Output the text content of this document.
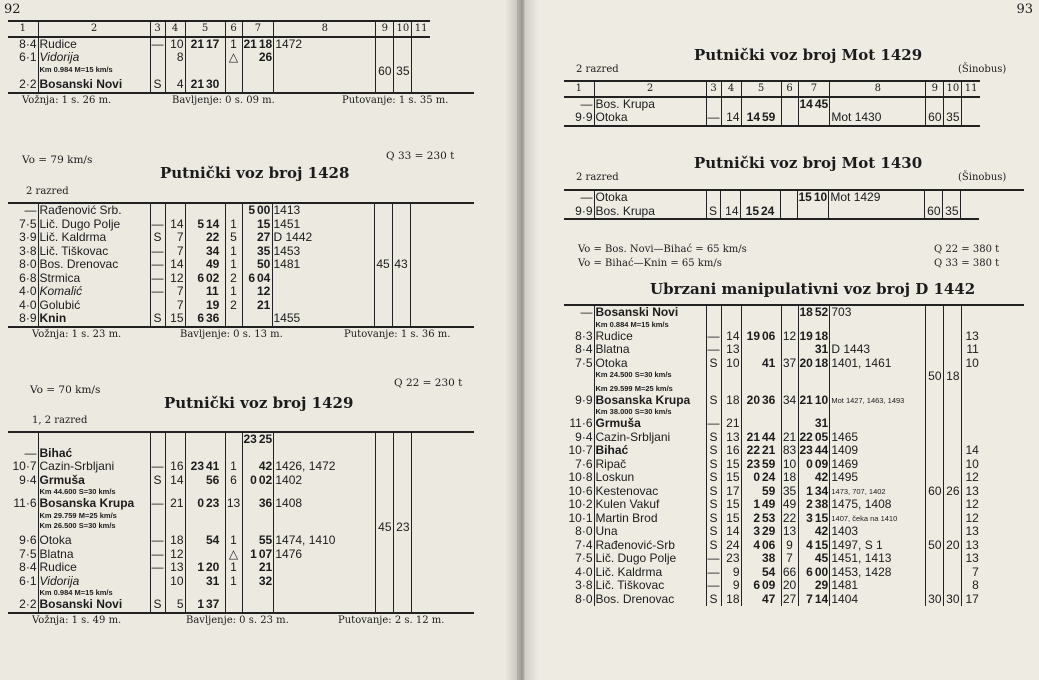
92
1	2	3	4	5		6	7		8	9	10	11
8·4	Rudice	—	10	21	17	1	21	18	1472			
6·1	Vidorija		8			△		26				
	Km 0.984 M=15 km/s									60	35	
2·2	Bosanski Novi	S	4	21	30							
Vožnja: 1 s. 26 m.	Bavljenje: 0 s. 09 m.	Putovanje: 1 s. 35 m.
Vo = 79 km/s	Q 33 = 230 t
Putnički voz broj 1428
2 razred
—	Rađenović Srb.						5	00	1413			
7·5	Lič. Dugo Polje	—	14	5	14	1		15	1451			
3·9	Lič. Kaldrma	S	7		22	5		27	D 1442			
3·8	Lič. Tiškovac	—	7		34	1		35	1453			
8·0	Bos. Drenovac	—	14		49	1		50	1481	45	43	
6·8	Strmica	—	12	6	02	2	6	04				
4·0	Komalić	—	7		11	1		12				
4·0	Golubić		7		19	2		21				
8·9	Knin	S	15	6	36				1455			
Vožnja: 1 s. 23 m.	Bavljenje: 0 s. 13 m.	Putovanje: 1 s. 36 m.
Vo = 70 km/s
Q 22 = 230 t
Putnički voz broj 1429
1, 2 razred
							23	25				
—	Bihać											
10·7	Cazin-Srbljani	—	16	23	41	1		42	1426, 1472			
9·4	Grmuša	S	14		56	6	0	02	1402			
	Km 44.600 S=30 km/s											
11·6	Bosanska Krupa	—	21	0	23	13		36	1408			
	Km 29.759 M=25 km/s											
	Km 26.500 S=30 km/s									45	23	
9·6	Otoka	—	18		54	1		55	1474, 1410			
7·5	Blatna	—	12			△	1	07	1476			
8·4	Rudice	—	13	1	20	1		21				
6·1	Vidorija		10		31	1		32				
	Km 0.984 M=15 km/s											
2·2	Bosanski Novi	S	5	1	37							
Vožnja: 1 s. 49 m.	Bavljenje: 0 s. 23 m.	Putovanje: 2 s. 12 m.
93
Putnički voz broj Mot 1429
2 razred	(Šinobus)
1	2	3	4	5		6	7		8	9	10	11
—	Bos. Krupa						14	45				
9·9	Otoka	—	14	14	59				Mot 1430	60	35	
Putnički voz broj Mot 1430
2 razred	(Šinobus)
—	Otoka						15	10	Mot 1429			
9·9	Bos. Krupa	S	14	15	24					60	35	
Vo = Bos. Novi—Bihać = 65 km/s
Vo = Bihać—Knin = 65 km/s
Q 22 = 380 t
Q 33 = 380 t
Ubrzani manipulativni voz broj D 1442
—	Bosanski Novi						18	52	703			
	Km 0.884 M=15 km/s											
8·3	Rudice	—	14	19	06	12	19	18				13
8·4	Blatna	—	13					31	D 1443			11
7·5	Otoka	S	10		41	37	20	18	1401, 1461			10
	Km 24.500 S=30 km/s									50	18	
	Km 29.599 M=25 km/s											
9·9	Bosanska Krupa	S	18	20	36	34	21	10	Mot 1427, 1463, 1493			
	Km 38.000 S=30 km/s											
11·6	Grmuša	—	21					31				
9·4	Cazin-Srbljani	S	13	21	44	21	22	05	1465			
10·7	Bihać	S	16	22	21	83	23	44	1409			14
7·6	Ripač	S	15	23	59	10	0	09	1469			10
10·8	Loskun	S	15	0	24	18		42	1495			12
10·6	Kestenovac	S	17		59	35	1	34	1473, 707, 1402	60	26	13
10·2	Kulen Vakuf	S	15	1	49	49	2	38	1475, 1408			12
10·1	Martin Brod	S	15	2	53	22	3	15	1407, čeka na 1410			12
8·0	Una	S	14	3	29	13		42	1403			13
7·4	Rađenović-Srb	S	24	4	06	9	4	15	1497, S 1	50	20	13
7·5	Lič. Dugo Polje	—	23		38	7		45	1451, 1413			13
4·0	Lič. Kaldrma	—	9		54	66	6	00	1453, 1428			7
3·8	Lič. Tiškovac	—	9	6	09	20		29	1481			8
8·0	Bos. Drenovac	S	18		47	27	7	14	1404	30	30	17
